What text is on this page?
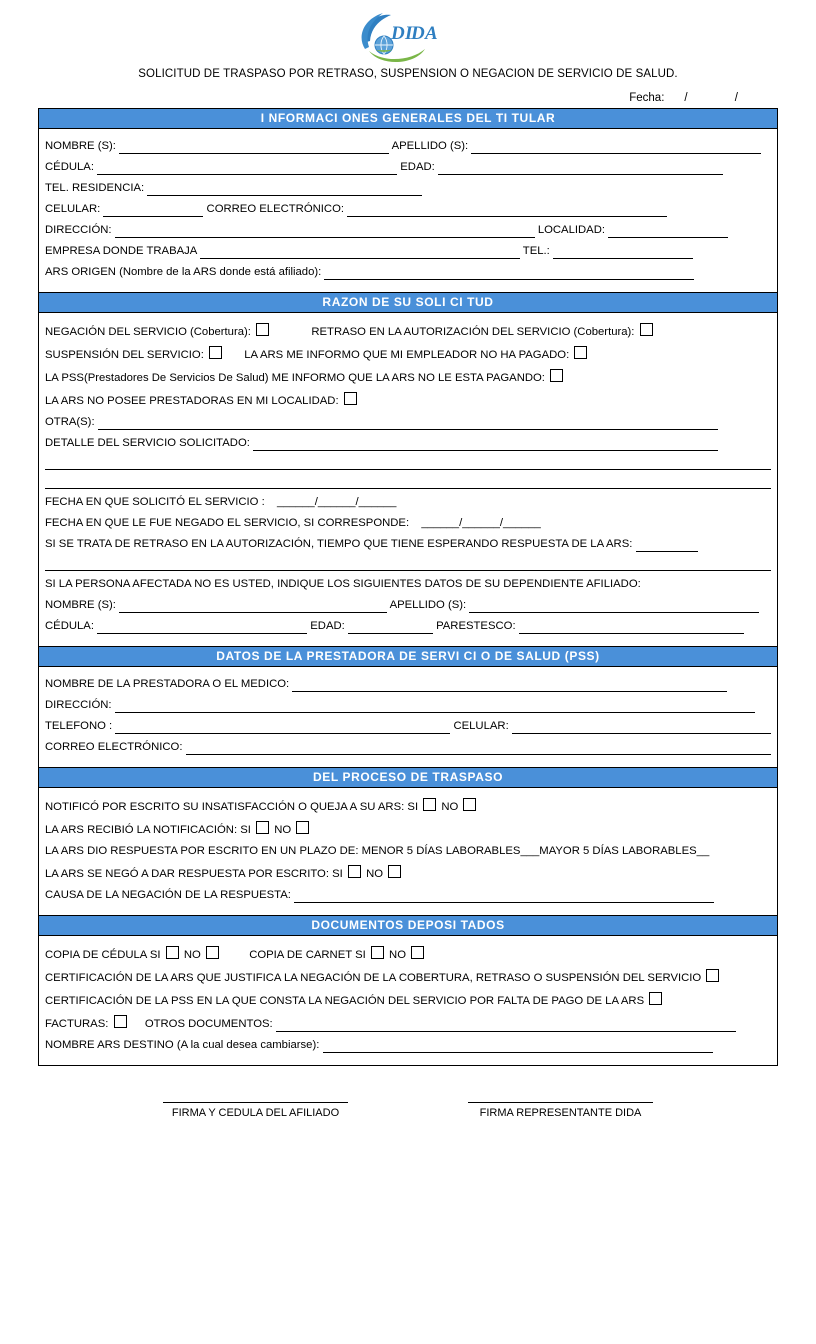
D I
D A
SOLICITUD DE TRASPASO POR RETRASO, SUSPENSION O NEGACION DE SERVICIO DE SALUD.
Fecha: / /
I NFORMACI ONES GENERALES DEL TI TULAR
NOMBRE (S):	APELLIDO (S):
CÉDULA:	EDAD:
TEL. RESIDENCIA:
CELULAR:	CORREO ELECTRÓNICO:
DIRECCIÓN:	LOCALIDAD:
EMPRESA DONDE TRABAJA	TEL.:
ARS ORIGEN (Nombre de la ARS donde está afiliado):
RAZON DE SU SOLI CI TUD
NEGACIÓN DEL SERVICIO (Cobertura):	RETRASO EN LA AUTORIZACIÓN DEL SERVICIO (Cobertura):
SUSPENSIÓN DEL SERVICIO:	LA ARS ME INFORMO QUE MI EMPLEADOR NO HA PAGADO:
LA PSS(Prestadores De Servicios De Salud) ME INFORMO QUE LA ARS NO LE ESTA PAGANDO:
LA ARS NO POSEE PRESTADORAS EN MI LOCALIDAD:
OTRA(S):
DETALLE DEL SERVICIO SOLICITADO:
FECHA EN QUE SOLICITÓ EL SERVICIO : ______/______/______
FECHA EN QUE LE FUE NEGADO EL SERVICIO, SI CORRESPONDE: ______/______/______
SI SE TRATA DE RETRASO EN LA AUTORIZACIÓN, TIEMPO QUE TIENE ESPERANDO RESPUESTA DE LA ARS:
SI LA PERSONA AFECTADA NO ES USTED, INDIQUE LOS SIGUIENTES DATOS DE SU DEPENDIENTE AFILIADO:
NOMBRE (S):	APELLIDO (S):
CÉDULA:	EDAD:	PARESTESCO:
DATOS DE LA PRESTADORA DE SERVI CI O DE SALUD (PSS)
NOMBRE DE LA PRESTADORA O EL MEDICO:
DIRECCIÓN:
TELEFONO :	CELULAR:
CORREO ELECTRÓNICO:
DEL PROCESO DE TRASPASO
NOTIFICÓ POR ESCRITO SU INSATISFACCIÓN O QUEJA A SU ARS: SI NO
LA ARS RECIBIÓ LA NOTIFICACIÓN: SI NO
LA ARS DIO RESPUESTA POR ESCRITO EN UN PLAZO DE: MENOR 5 DÍAS LABORABLES___MAYOR 5 DÍAS LABORABLES__
LA ARS SE NEGÓ A DAR RESPUESTA POR ESCRITO: SI NO
CAUSA DE LA NEGACIÓN DE LA RESPUESTA:
DOCUMENTOS DEPOSI TADOS
COPIA DE CÉDULA SI NO	COPIA DE CARNET SI NO
CERTIFICACIÓN DE LA ARS QUE JUSTIFICA LA NEGACIÓN DE LA COBERTURA, RETRASO O SUSPENSIÓN DEL SERVICIO
CERTIFICACIÓN DE LA PSS EN LA QUE CONSTA LA NEGACIÓN DEL SERVICIO POR FALTA DE PAGO DE LA ARS
FACTURAS:	OTROS DOCUMENTOS:
NOMBRE ARS DESTINO (A la cual desea cambiarse):
FIRMA Y CEDULA DEL AFILIADO	FIRMA REPRESENTANTE DIDA
